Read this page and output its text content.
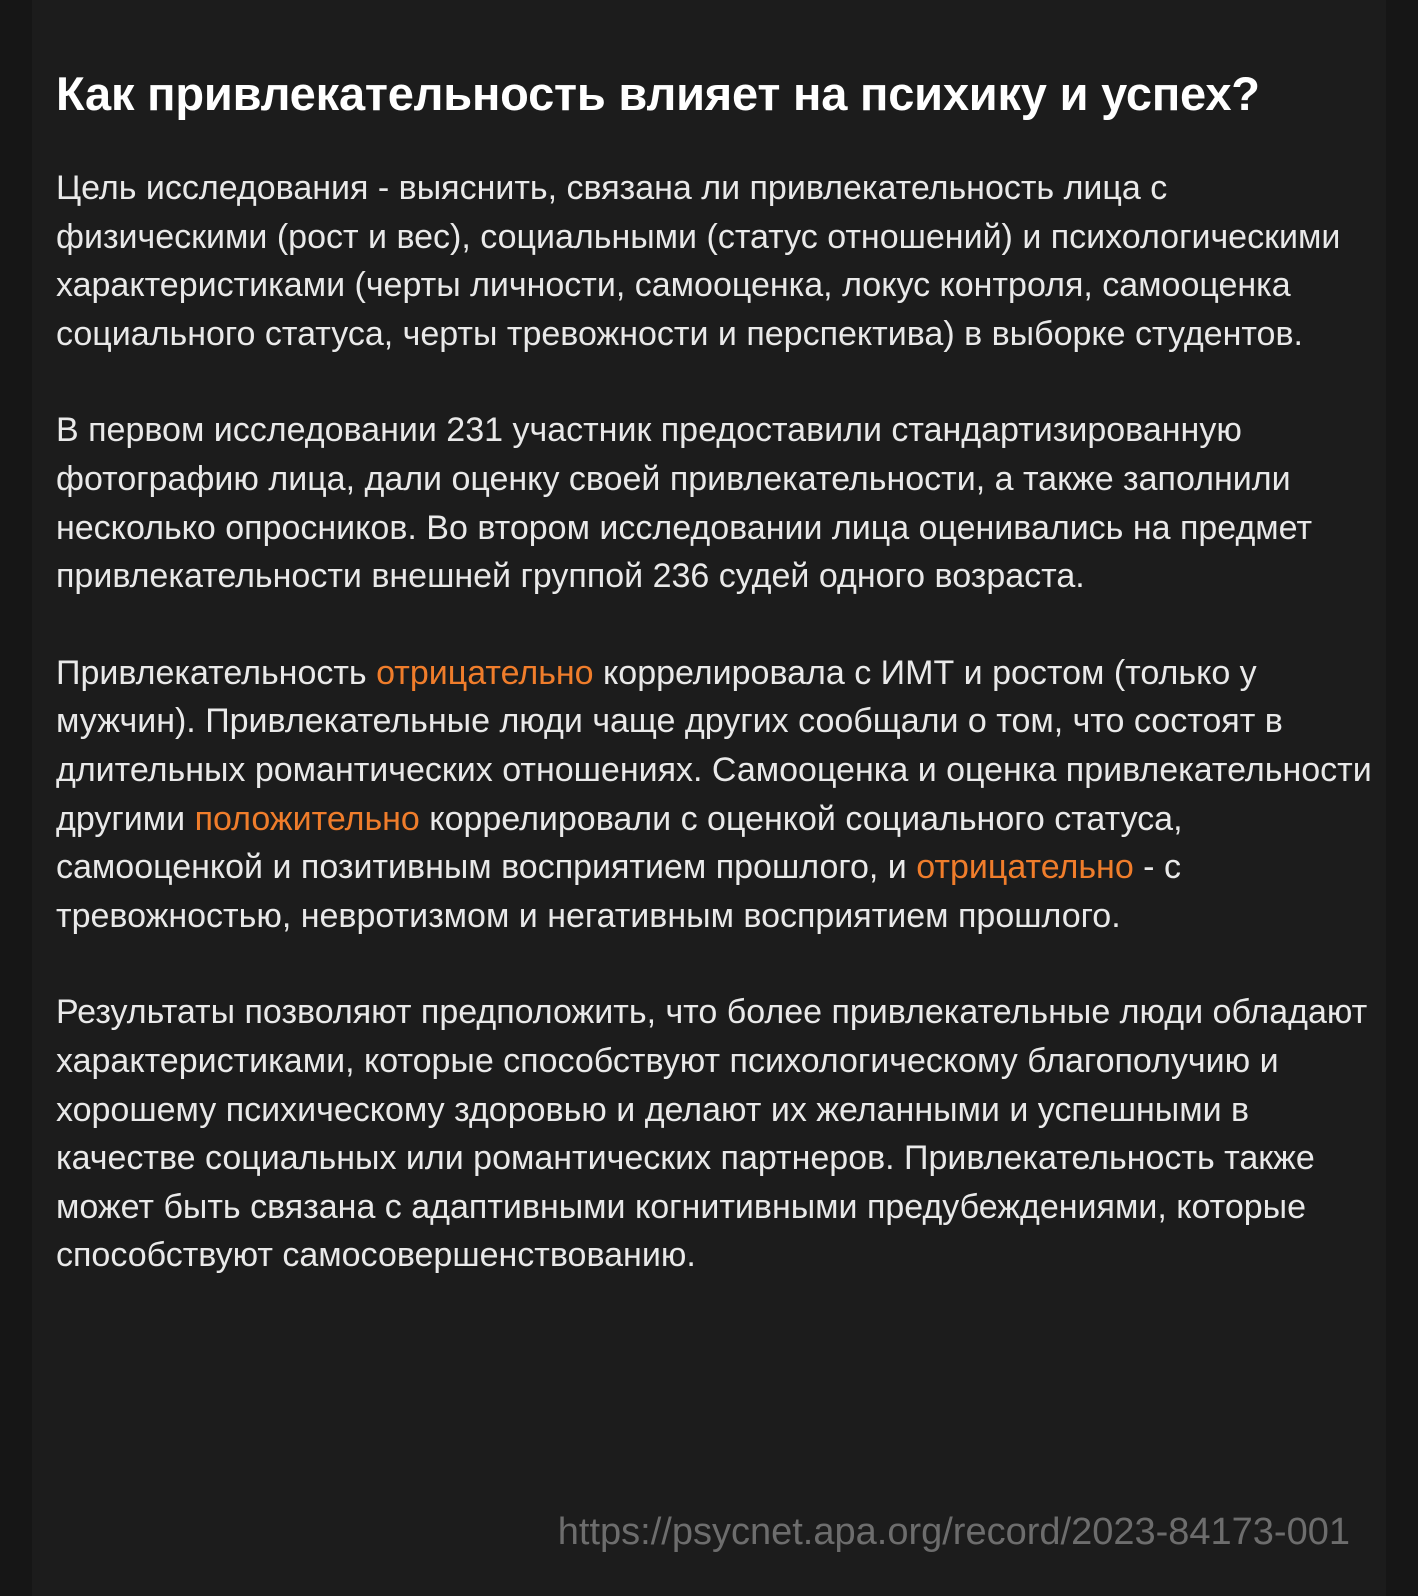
Как привлекательность влияет на психику и успех?

Цель исследования - выяснить, связана ли привлекательность лица с физическими (рост и вес), социальными (статус отношений) и психологическими характеристиками (черты личности, самооценка, локус контроля, самооценка социального статуса, черты тревожности и перспектива) в выборке студентов.

В первом исследовании 231 участник предоставили стандартизированную фотографию лица, дали оценку своей привлекательности, а также заполнили несколько опросников. Во втором исследовании лица оценивались на предмет привлекательности внешней группой 236 судей одного возраста.

Привлекательность отрицательно коррелировала с ИМТ и ростом (только у мужчин). Привлекательные люди чаще других сообщали о том, что состоят в длительных романтических отношениях. Самооценка и оценка привлекательности другими положительно коррелировали с оценкой социального статуса, самооценкой и позитивным восприятием прошлого, и отрицательно - с тревожностью, невротизмом и негативным восприятием прошлого.

Результаты позволяют предположить, что более привлекательные люди обладают характеристиками, которые способствуют психологическому благополучию и хорошему психическому здоровью и делают их желанными и успешными в качестве социальных или романтических партнеров. Привлекательность также может быть связана с адаптивными когнитивными предубеждениями, которые способствуют самосовершенствованию.

https://psycnet.apa.org/record/2023-84173-001
